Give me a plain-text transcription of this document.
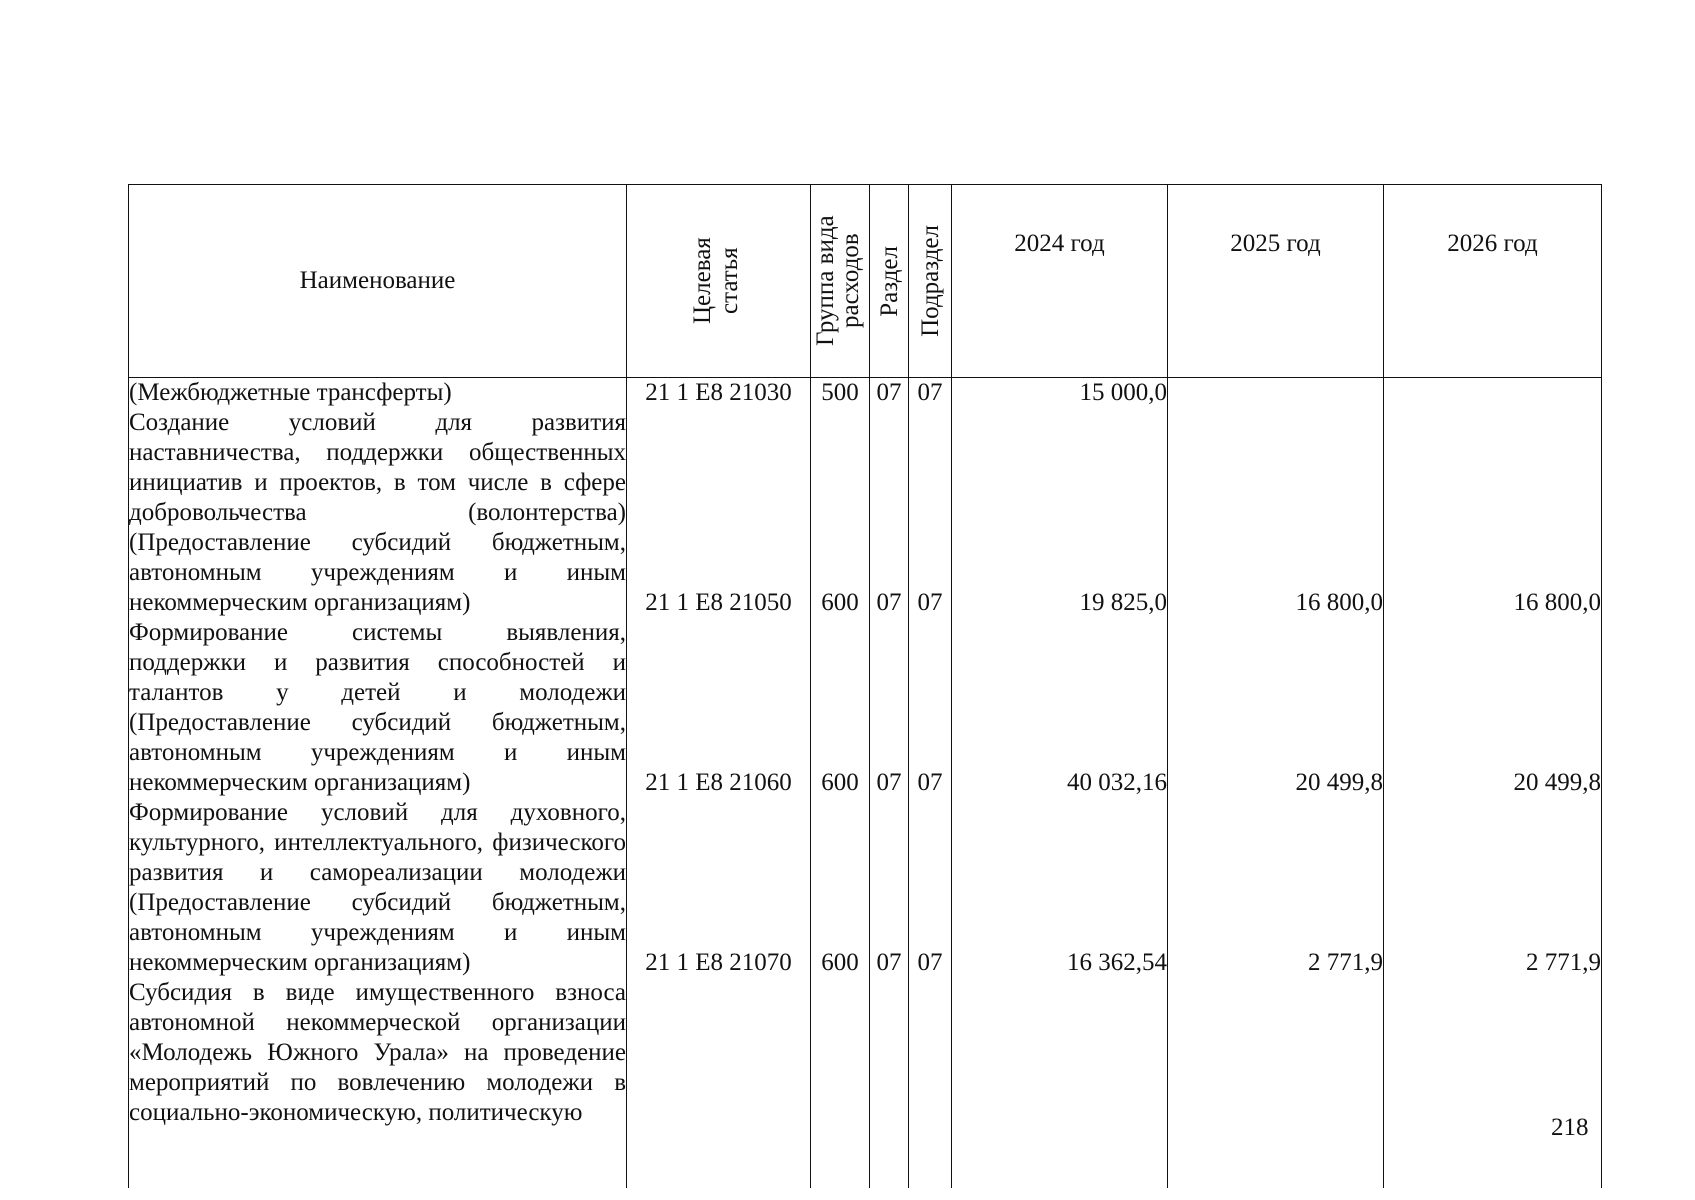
Наименование	Целевая статья	Группа вида расходов	Раздел	Подраздел	2024 год	2025 год	2026 год
(Межбюджетные трансферты)	21 1 E8 21030	500	07	07	15 000,0		
Создание условий для развития наставничества, поддержки общественных инициатив и проектов, в том числе в сфере добровольчества (волонтерства) (Предоставление субсидий бюджетным, автономным учреждениям и иным некоммерческим организациям)	21 1 E8 21050	600	07	07	19 825,0	16 800,0	16 800,0
Формирование системы выявления, поддержки и развития способностей и талантов у детей и молодежи (Предоставление субсидий бюджетным, автономным учреждениям и иным некоммерческим организациям)	21 1 E8 21060	600	07	07	40 032,16	20 499,8	20 499,8
Формирование условий для духовного, культурного, интеллектуального, физического развития и самореализации молодежи (Предоставление субсидий бюджетным, автономным учреждениям и иным некоммерческим организациям)	21 1 E8 21070	600	07	07	16 362,54	2 771,9	2 771,9
Субсидия в виде имущественного взноса автономной некоммерческой организации «Молодежь Южного Урала» на проведение мероприятий по вовлечению молодежи в социально-экономическую, политическую							
218
